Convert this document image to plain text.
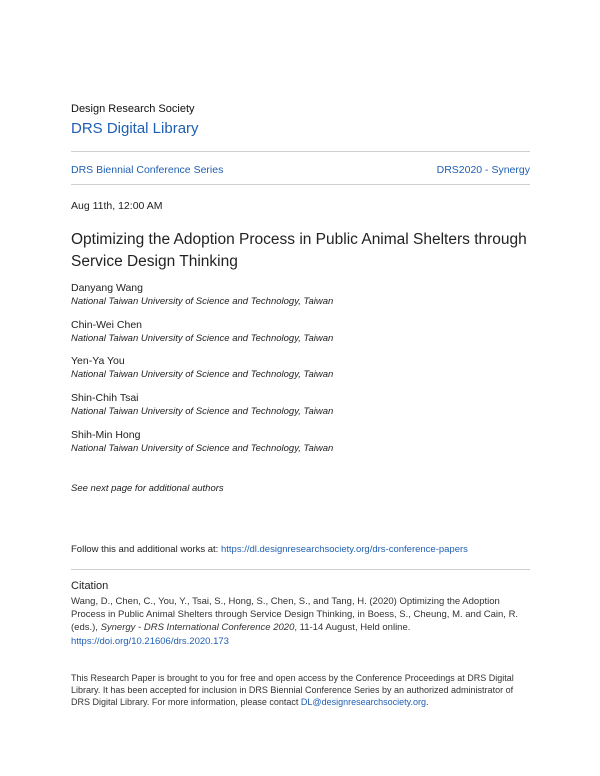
Design Research Society
DRS Digital Library
DRS Biennial Conference Series	DRS2020 - Synergy
Aug 11th, 12:00 AM
Optimizing the Adoption Process in Public Animal Shelters through Service Design Thinking
Danyang Wang
National Taiwan University of Science and Technology, Taiwan
Chin-Wei Chen
National Taiwan University of Science and Technology, Taiwan
Yen-Ya You
National Taiwan University of Science and Technology, Taiwan
Shin-Chih Tsai
National Taiwan University of Science and Technology, Taiwan
Shih-Min Hong
National Taiwan University of Science and Technology, Taiwan
See next page for additional authors
Follow this and additional works at: https://dl.designresearchsociety.org/drs-conference-papers
Citation
Wang, D., Chen, C., You, Y., Tsai, S., Hong, S., Chen, S., and Tang, H. (2020) Optimizing the Adoption Process in Public Animal Shelters through Service Design Thinking, in Boess, S., Cheung, M. and Cain, R. (eds.), Synergy - DRS International Conference 2020, 11-14 August, Held online. https://doi.org/10.21606/drs.2020.173
This Research Paper is brought to you for free and open access by the Conference Proceedings at DRS Digital Library. It has been accepted for inclusion in DRS Biennial Conference Series by an authorized administrator of DRS Digital Library. For more information, please contact DL@designresearchsociety.org.
